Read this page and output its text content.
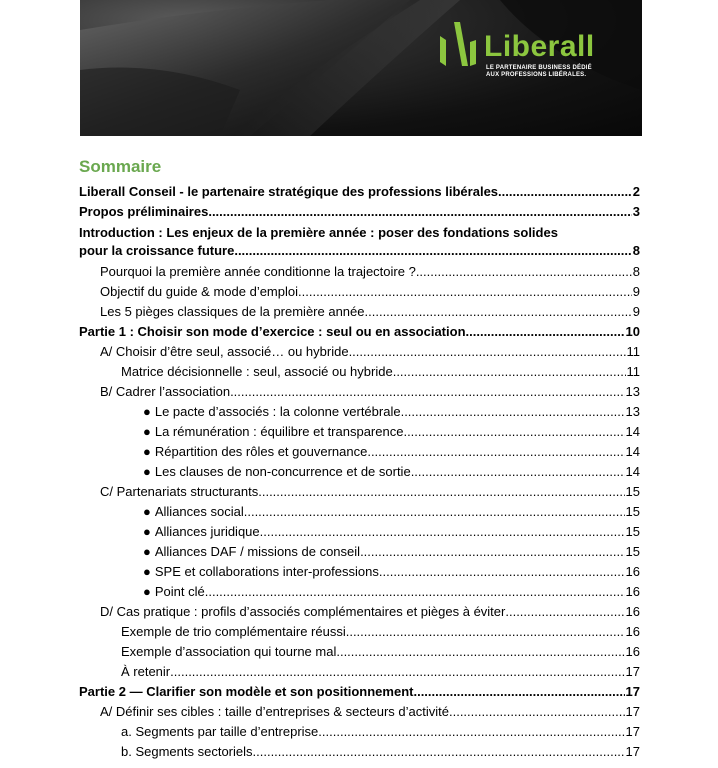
Liberall
LE PARTENAIRE BUSINESS DÉDIÉ
AUX PROFESSIONS LIBÉRALES.
Sommaire
Liberall Conseil - le partenaire stratégique des professions libérales .....	2
Propos préliminaires .....	3
Introduction : Les enjeux de la première année : poser des fondations solides
pour la croissance future .....	8
Pourquoi la première année conditionne la trajectoire ? .....	8
Objectif du guide & mode d’emploi .....	9
Les 5 pièges classiques de la première année .....	9
Partie 1 : Choisir son mode d’exercice : seul ou en association .....	10
A/ Choisir d’être seul, associé… ou hybride .....	11
Matrice décisionnelle : seul, associé ou hybride .....	11
B/ Cadrer l’association .....	13
● Le pacte d’associés : la colonne vertébrale .....	13
● La rémunération : équilibre et transparence .....	14
● Répartition des rôles et gouvernance .....	14
● Les clauses de non-concurrence et de sortie .....	14
C/ Partenariats structurants .....	15
● Alliances social .....	15
● Alliances juridique .....	15
● Alliances DAF / missions de conseil .....	15
● SPE et collaborations inter-professions .....	16
● Point clé .....	16
D/ Cas pratique : profils d’associés complémentaires et pièges à éviter .....	16
Exemple de trio complémentaire réussi .....	16
Exemple d’association qui tourne mal .....	16
À retenir .....	17
Partie 2 — Clarifier son modèle et son positionnement .....	17
A/ Définir ses cibles : taille d’entreprises & secteurs d’activité .....	17
a. Segments par taille d’entreprise .....	17
b. Segments sectoriels .....	17
